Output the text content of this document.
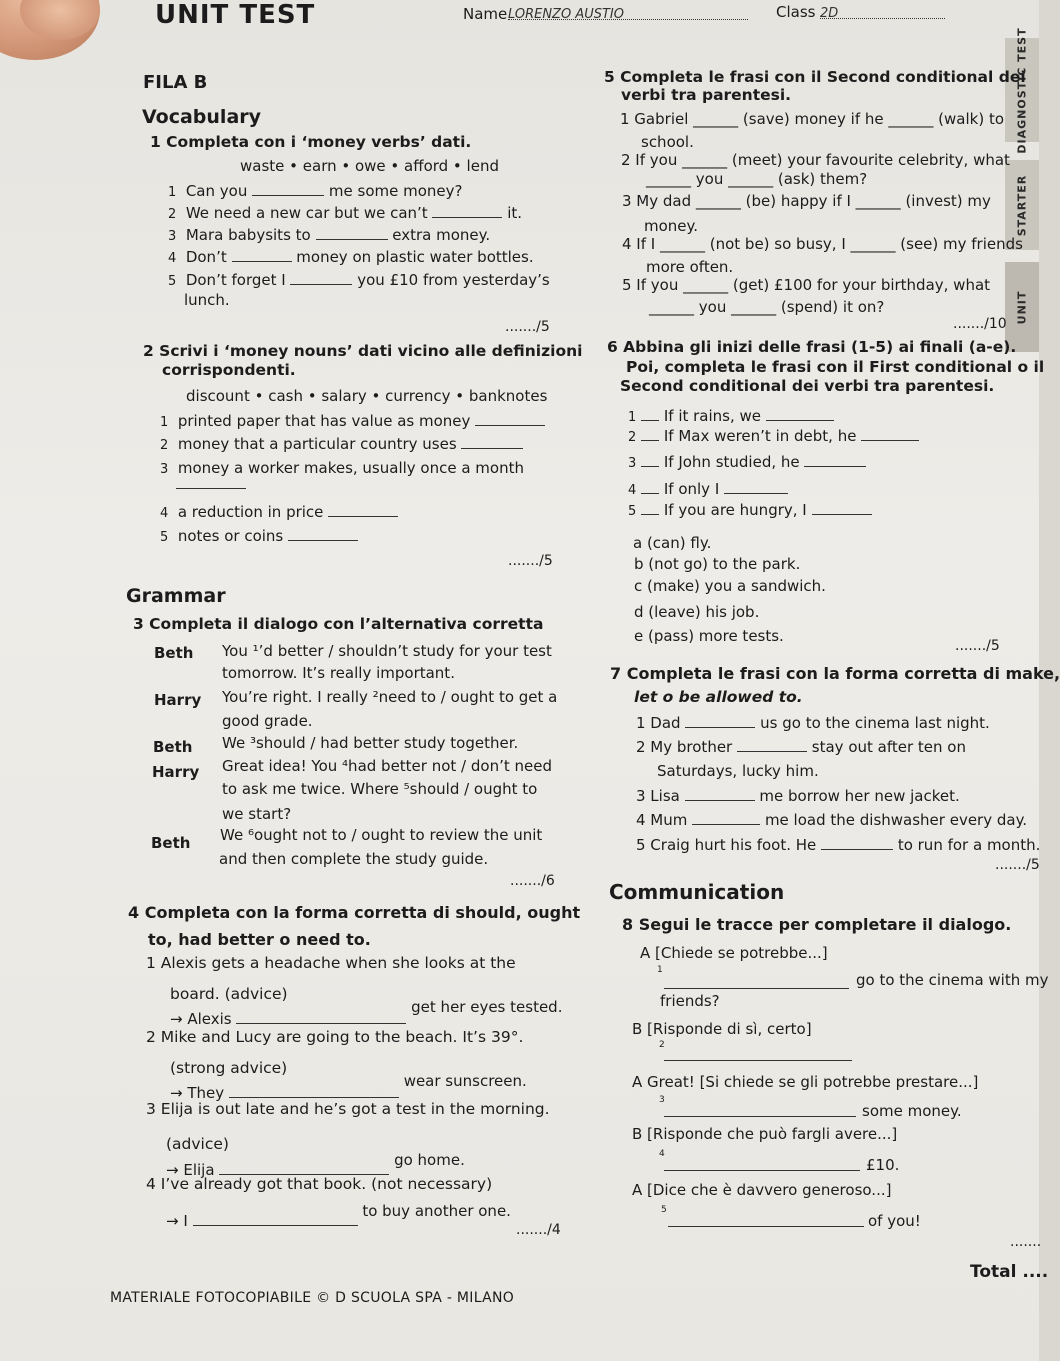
DIAGNOSTIC TEST
STARTER
UNIT
UNIT TEST	Name LORENZO AUSTIO	Class 2D
FILA B
Vocabulary
1 Completa con i ‘money verbs’ dati.
waste • earn • owe • afford • lend
1 Can you	me some money?
2 We need a new car but we can’t	it.
3 Mara babysits to	extra money.
4 Don’t	money on plastic water bottles.
5 Don’t forget I	you £10 from yesterday’s
lunch.
......./5
2 Scrivi i ‘money nouns’ dati vicino alle definizioni
corrispondenti.
discount • cash • salary • currency • banknotes
1 printed paper that has value as money
2 money that a particular country uses
3 money a worker makes, usually once a month
4 a reduction in price
5 notes or coins
......./5
Grammar
3 Completa il dialogo con l’alternativa corretta
Beth You ¹’d better / shouldn’t study for your test
tomorrow. It’s really important.
Harry You’re right. I really ²need to / ought to get a
good grade.
Beth We ³should / had better study together.
Harry Great idea! You ⁴had better not / don’t need
to ask me twice. Where ⁵should / ought to
we start?
Beth We ⁶ought not to / ought to review the unit
and then complete the study guide.
......./6
4 Completa con la forma corretta di should, ought
to, had better o need to.
1 Alexis gets a headache when she looks at the
board. (advice)
→ Alexis  get her eyes tested.
2 Mike and Lucy are going to the beach. It’s 39°.
(strong advice)
→ They  wear sunscreen.
3 Elija is out late and he’s got a test in the morning.
(advice)
→ Elija  go home.
4 I’ve already got that book. (not necessary)
→ I  to buy another one.
......./4
MATERIALE FOTOCOPIABILE © D SCUOLA SPA - MILANO
5 Completa le frasi con il Second conditional dei
verbi tra parentesi.
1 Gabriel ______ (save) money if he ______ (walk) to
school.
2 If you ______ (meet) your favourite celebrity, what
______ you ______ (ask) them?
3 My dad ______ (be) happy if I ______ (invest) my
money.
4 If I ______ (not be) so busy, I ______ (see) my friends
more often.
5 If you ______ (get) £100 for your birthday, what
______ you ______ (spend) it on?
......./10
6 Abbina gli inizi delle frasi (1-5) ai finali (a-e).
Poi, completa le frasi con il First conditional o il
Second conditional dei verbi tra parentesi.
1 If it rains, we
2 If Max weren’t in debt, he
3 If John studied, he
4 If only I
5 If you are hungry, I
a (can) fly.
b (not go) to the park.
c (make) you a sandwich.
d (leave) his job.
e (pass) more tests.
......./5
7 Completa le frasi con la forma corretta di make,
let o be allowed to.
1 Dad	us go to the cinema last night.
2 My brother	stay out after ten on
Saturdays, lucky him.
3 Lisa	me borrow her new jacket.
4 Mum	me load the dishwasher every day.
5 Craig hurt his foot. He	to run for a month.
......./5
Communication
8 Segui le tracce per completare il dialogo.
A [Chiede se potrebbe...]
1
go to the cinema with my
friends?
B [Risponde di sì, certo]
2
A Great! [Si chiede se gli potrebbe prestare...]
3
some money.
B [Risponde che può fargli avere...]
4
£10.
A [Dice che è davvero generoso...]
5
of you!
.......
Total ....
